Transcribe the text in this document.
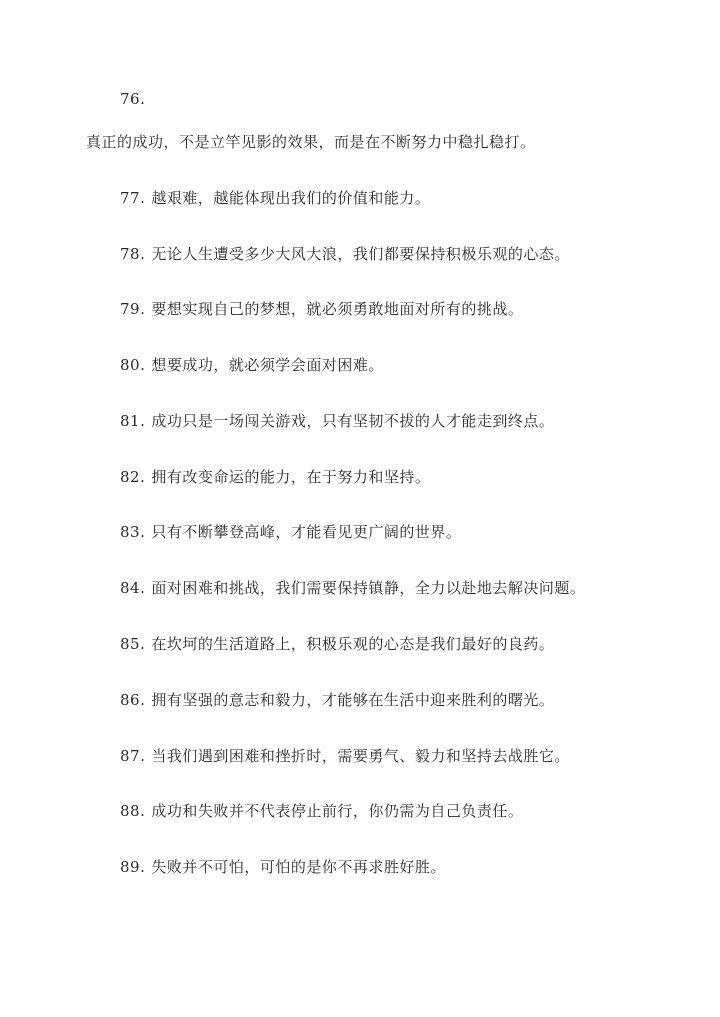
76.
真正的成功，不是立竿见影的效果，而是在不断努力中稳扎稳打。
77. 越艰难，越能体现出我们的价值和能力。
78. 无论人生遭受多少大风大浪，我们都要保持积极乐观的心态。
79. 要想实现自己的梦想，就必须勇敢地面对所有的挑战。
80. 想要成功，就必须学会面对困难。
81. 成功只是一场闯关游戏，只有坚韧不拔的人才能走到终点。
82. 拥有改变命运的能力，在于努力和坚持。
83. 只有不断攀登高峰，才能看见更广阔的世界。
84. 面对困难和挑战，我们需要保持镇静，全力以赴地去解决问题。
85. 在坎坷的生活道路上，积极乐观的心态是我们最好的良药。
86. 拥有坚强的意志和毅力，才能够在生活中迎来胜利的曙光。
87. 当我们遇到困难和挫折时，需要勇气、毅力和坚持去战胜它。
88. 成功和失败并不代表停止前行，你仍需为自己负责任。
89. 失败并不可怕，可怕的是你不再求胜好胜。
